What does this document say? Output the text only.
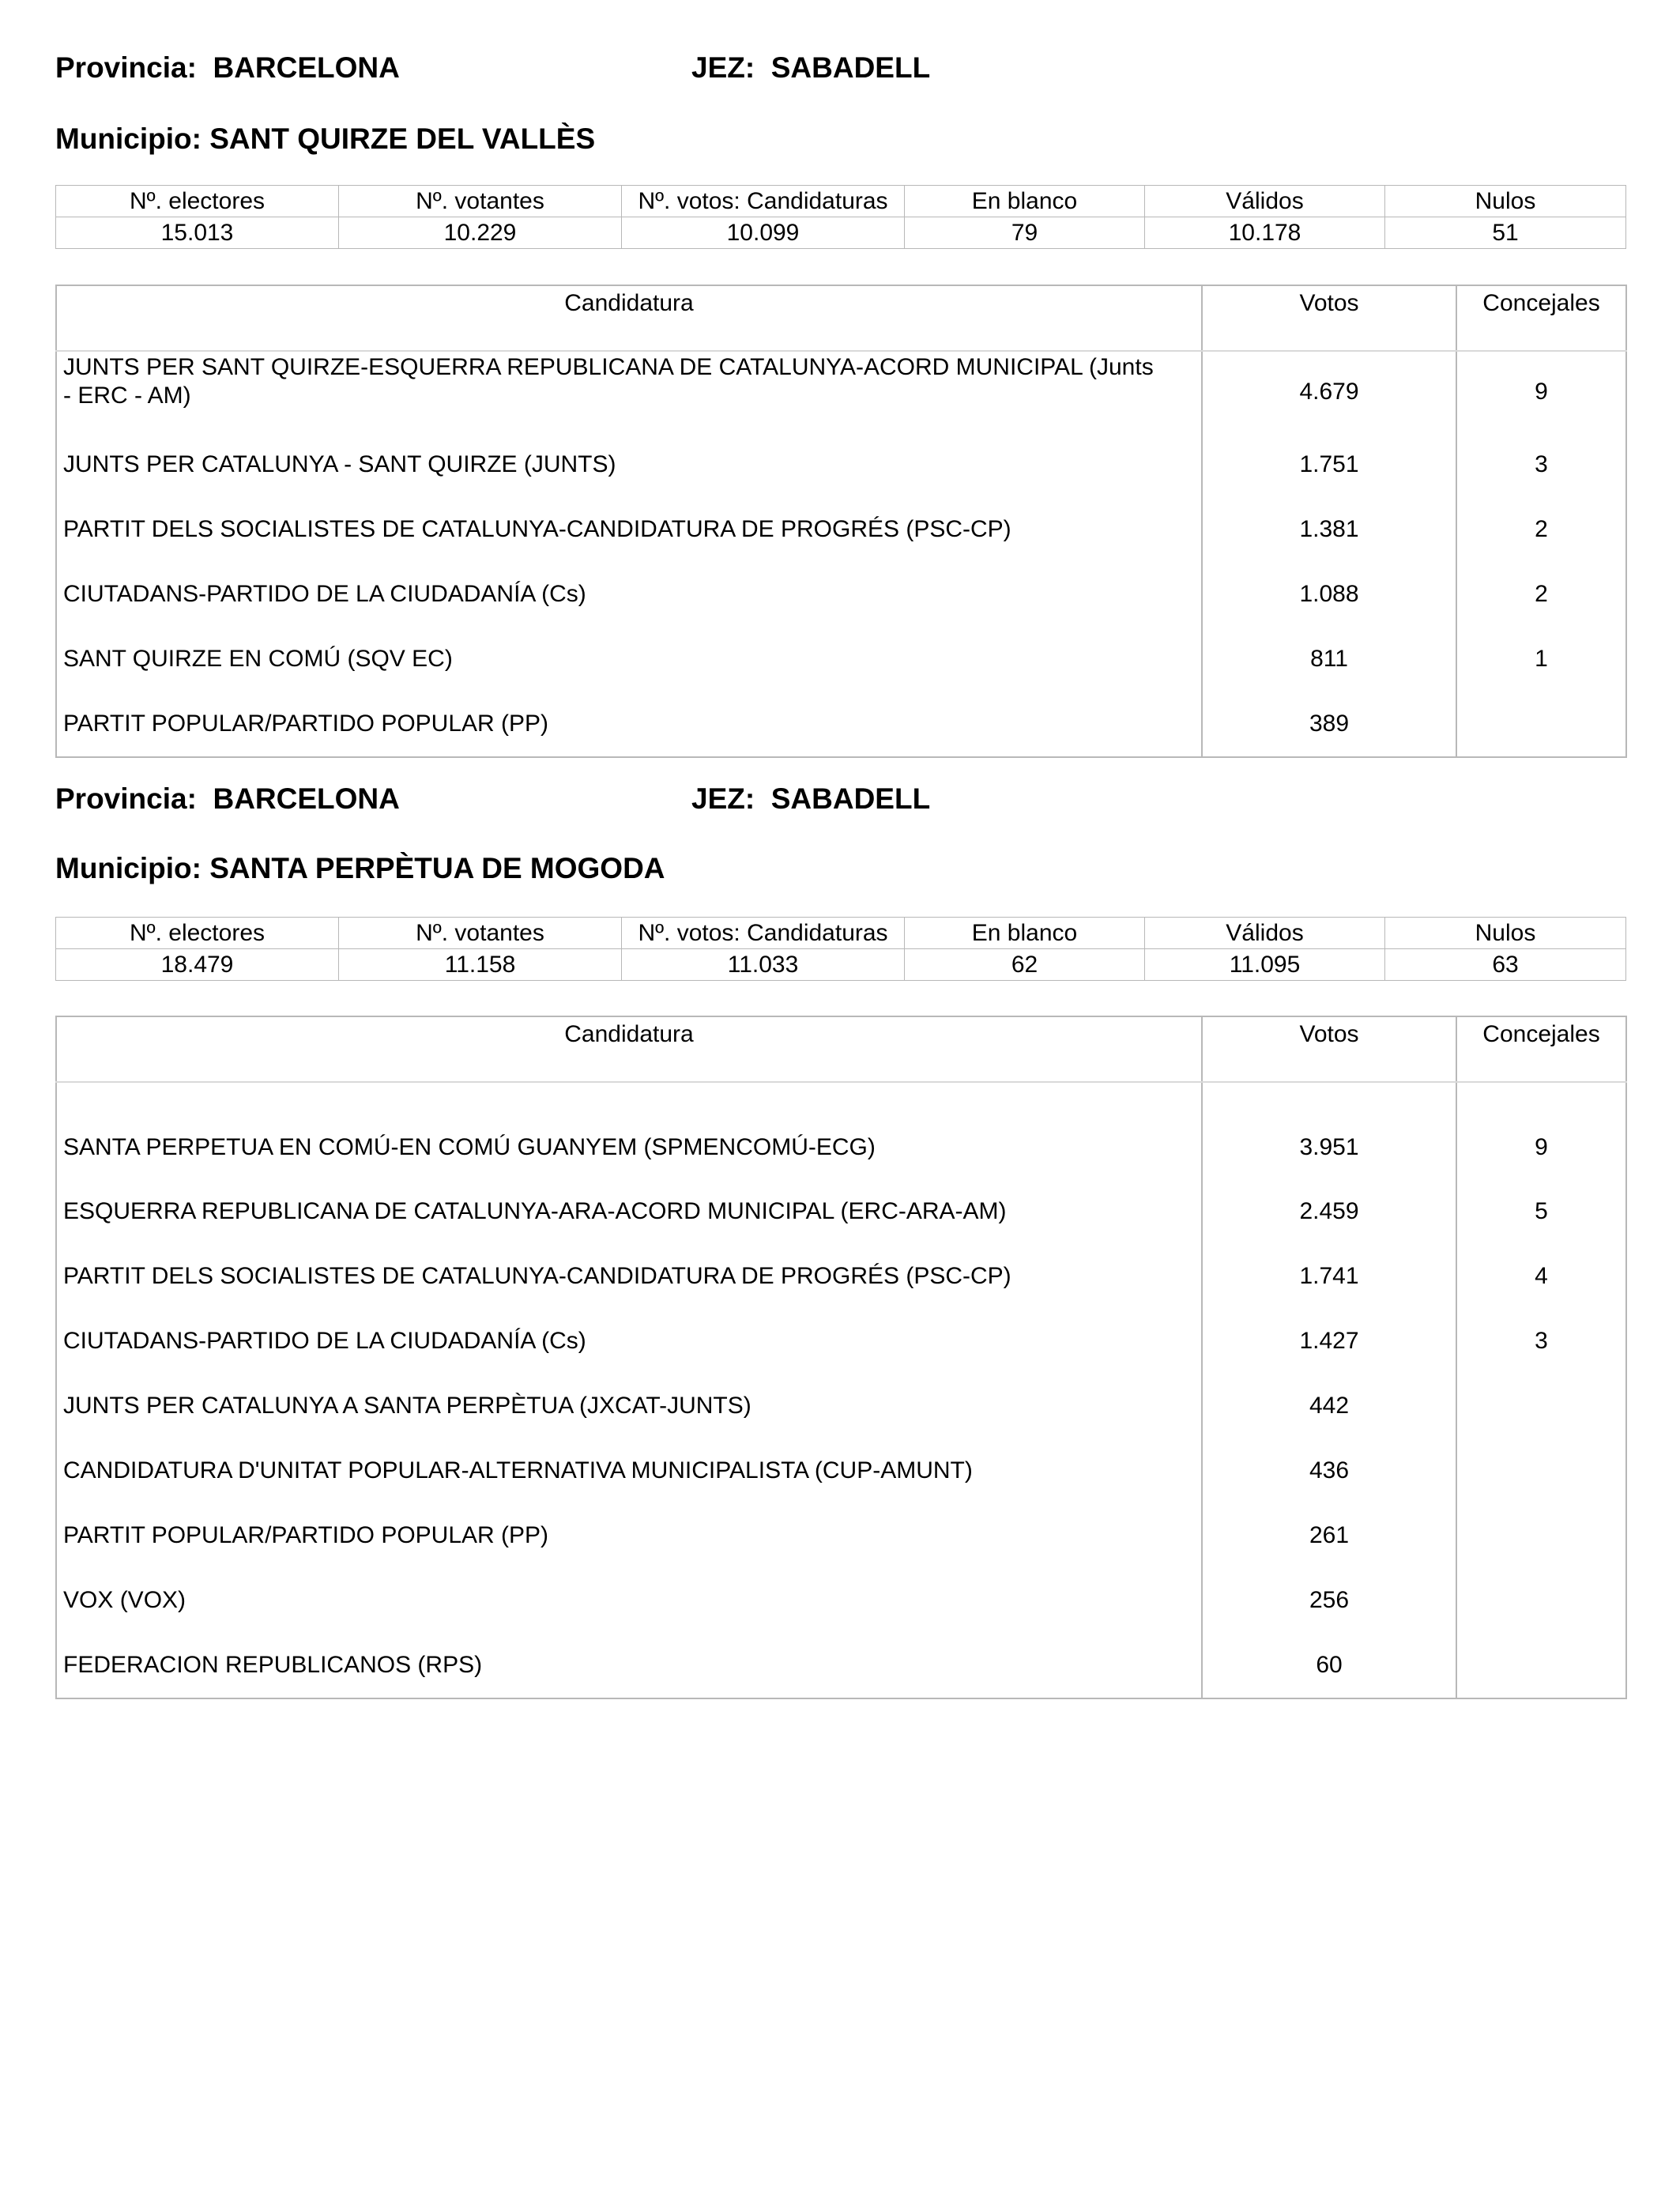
Provincia: BARCELONA	JEZ: SABADELL
Municipio: SANT QUIRZE DEL VALLÈS
Nº. electores	Nº. votantes	Nº. votos: Candidaturas	En blanco	Válidos	Nulos
15.013	10.229	10.099	79	10.178	51
Candidatura	Votos	Concejales
JUNTS PER SANT QUIRZE-ESQUERRA REPUBLICANA DE CATALUNYA-ACORD MUNICIPAL (Junts - ERC - AM)	4.679	9
JUNTS PER CATALUNYA - SANT QUIRZE (JUNTS)	1.751	3
PARTIT DELS SOCIALISTES DE CATALUNYA-CANDIDATURA DE PROGRÉS (PSC-CP)	1.381	2
CIUTADANS-PARTIDO DE LA CIUDADANÍA (Cs)	1.088	2
SANT QUIRZE EN COMÚ (SQV EC)	811	1
PARTIT POPULAR/PARTIDO POPULAR (PP)	389	
Provincia: BARCELONA	JEZ: SABADELL
Municipio: SANTA PERPÈTUA DE MOGODA
Nº. electores	Nº. votantes	Nº. votos: Candidaturas	En blanco	Válidos	Nulos
18.479	11.158	11.033	62	11.095	63
Candidatura	Votos	Concejales
SANTA PERPETUA EN COMÚ-EN COMÚ GUANYEM (SPMENCOMÚ-ECG)	3.951	9
ESQUERRA REPUBLICANA DE CATALUNYA-ARA-ACORD MUNICIPAL (ERC-ARA-AM)	2.459	5
PARTIT DELS SOCIALISTES DE CATALUNYA-CANDIDATURA DE PROGRÉS (PSC-CP)	1.741	4
CIUTADANS-PARTIDO DE LA CIUDADANÍA (Cs)	1.427	3
JUNTS PER CATALUNYA A SANTA PERPÈTUA (JXCAT-JUNTS)	442	
CANDIDATURA D'UNITAT POPULAR-ALTERNATIVA MUNICIPALISTA (CUP-AMUNT)	436	
PARTIT POPULAR/PARTIDO POPULAR (PP)	261	
VOX (VOX)	256	
FEDERACION REPUBLICANOS (RPS)	60	
